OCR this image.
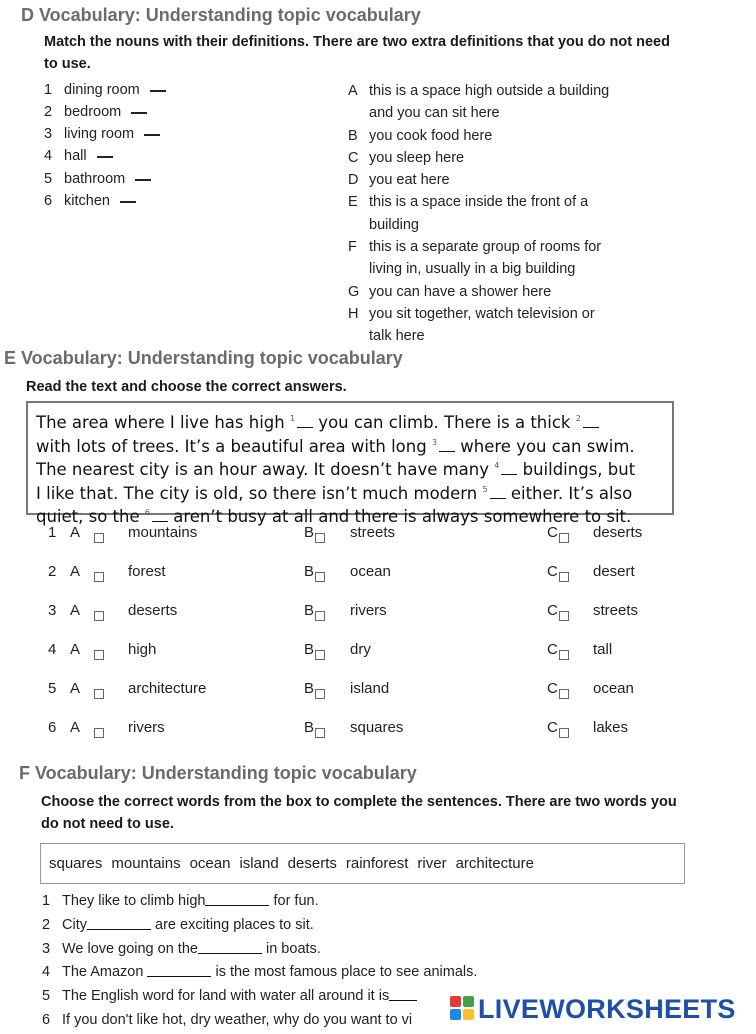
D Vocabulary: Understanding topic vocabulary
Match the nouns with their definitions. There are two extra definitions that you do not need
to use.
1 dining room
2 bedroom
3 living room
4 hall
5 bathroom
6 kitchen
A this is a space high outside a building
and you can sit here
B you cook food here
C you sleep here
D you eat here
E this is a space inside the front of a
building
F this is a separate group of rooms for
living in, usually in a big building
G you can have a shower here
H you sit together, watch television or
talk here
E Vocabulary: Understanding topic vocabulary
Read the text and choose the correct answers.
The area where I live has high $^1$ you can climb. There is a thick $^2$
with lots of trees. It’s a beautiful area with long $^3$ where you can swim.
The nearest city is an hour away. It doesn’t have many $^4$ buildings, but
I like that. The city is old, so there isn’t much modern $^5$ either. It’s also
quiet, so the $^6$ aren’t busy at all and there is always somewhere to sit.
1 A	mountains	B streets	C deserts
2 A	forest	B ocean	C desert
3 A	deserts	B rivers	C streets
4 A	high	B dry	C tall
5 A	architecture	B island	C ocean
6 A	rivers	B squares	C lakes
F Vocabulary: Understanding topic vocabulary
Choose the correct words from the box to complete the sentences. There are two words you
do not need to use.
squares mountains ocean island deserts rainforest river architecture
1 They like to climb high	for fun.
2 City	are exciting places to sit.
3 We love going on the	in boats.
4 The Amazon	is the most famous place to see animals.
5 The English word for land with water all around it is
6 If you don't like hot, dry weather, why do you want to vi LIVEWORKSHEETS
